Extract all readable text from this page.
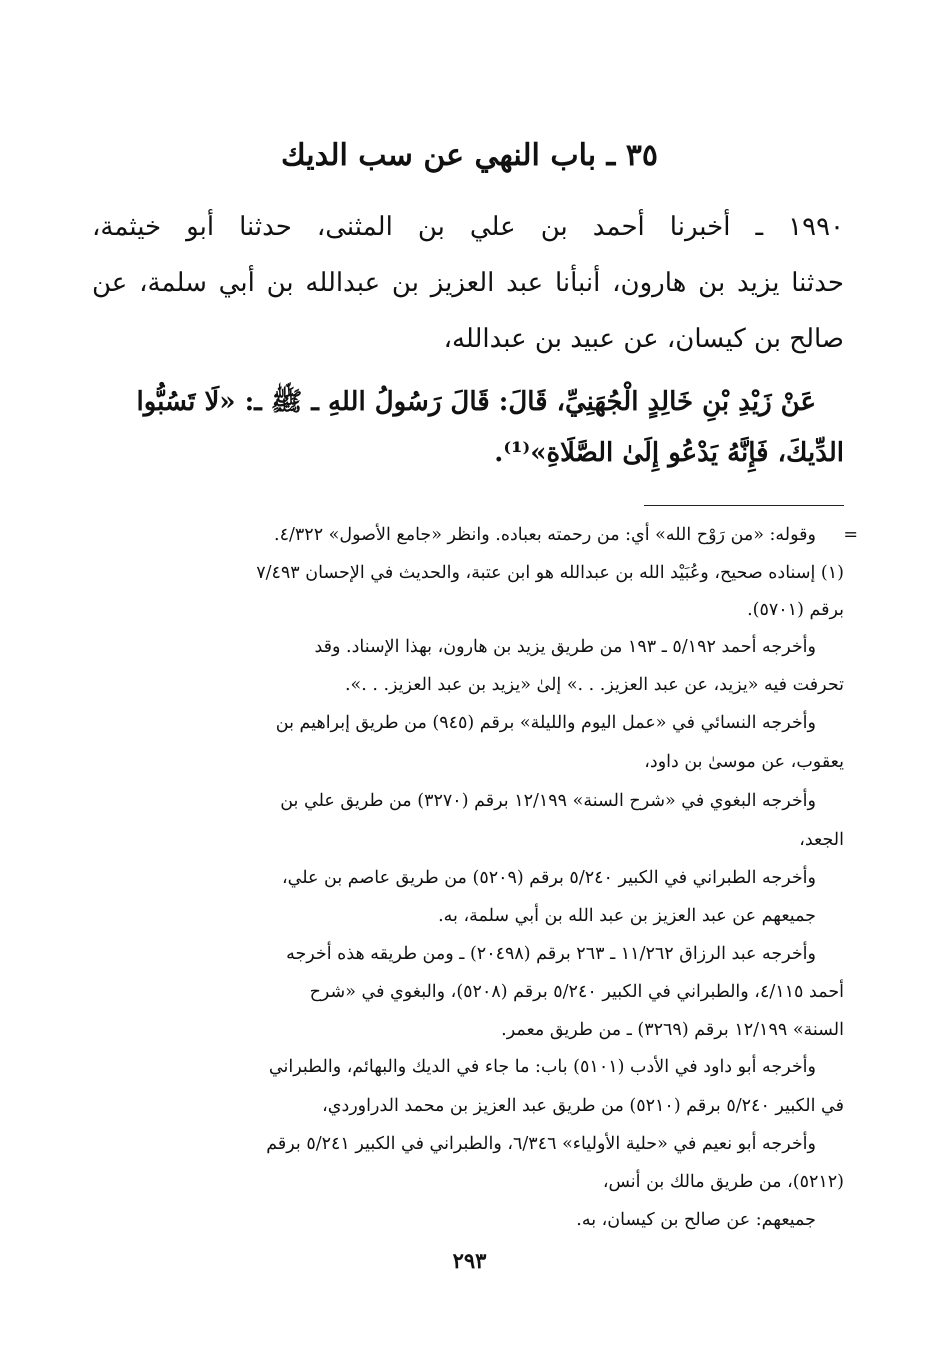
٣٥ ـ باب النهي عن سب الديك
١٩٩٠ ـ أخبرنا أحمد بن علي بن المثنى، حدثنا أبو خيثمة،
حدثنا يزيد بن هارون، أنبأنا عبد العزيز بن عبدالله بن أبي سلمة، عن
صالح بن كيسان، عن عبيد بن عبدالله،
عَنْ زَيْدِ بْنِ خَالِدٍ الْجُهَنِيِّ، قَالَ: قَالَ رَسُولُ اللهِ ـ ﷺ ـ: «لَا تَسُبُّوا
الدِّيكَ، فَإِنَّهُ يَدْعُو إِلَىٰ الصَّلَاةِ»⁽¹⁾.
=
وقوله: «من رَوْح الله» أي: من رحمته بعباده. وانظر «جامع الأصول» ٤/٣٢٢.
(١) إسناده صحيح، وعُبَيْد الله بن عبدالله هو ابن عتبة، والحديث في الإحسان ٧/٤٩٣
برقم (٥٧٠١).
وأخرجه أحمد ٥/١٩٢ ـ ١٩٣ من طريق يزيد بن هارون، بهذا الإسناد. وقد
تحرفت فيه «يزيد، عن عبد العزيز. . .» إلىٰ «يزيد بن عبد العزيز. . .».
وأخرجه النسائي في «عمل اليوم والليلة» برقم (٩٤٥) من طريق إبراهيم بن
يعقوب، عن موسىٰ بن داود،
وأخرجه البغوي في «شرح السنة» ١٢/١٩٩ برقم (٣٢٧٠) من طريق علي بن
الجعد،
وأخرجه الطبراني في الكبير ٥/٢٤٠ برقم (٥٢٠٩) من طريق عاصم بن علي،
جميعهم عن عبد العزيز بن عبد الله بن أبي سلمة، به.
وأخرجه عبد الرزاق ١١/٢٦٢ ـ ٢٦٣ برقم (٢٠٤٩٨) ـ ومن طريقه هذه أخرجه
أحمد ٤/١١٥، والطبراني في الكبير ٥/٢٤٠ برقم (٥٢٠٨)، والبغوي في «شرح
السنة» ١٢/١٩٩ برقم (٣٢٦٩) ـ من طريق معمر.
وأخرجه أبو داود في الأدب (٥١٠١) باب: ما جاء في الديك والبهائم، والطبراني
في الكبير ٥/٢٤٠ برقم (٥٢١٠) من طريق عبد العزيز بن محمد الدراوردي،
وأخرجه أبو نعيم في «حلية الأولياء» ٦/٣٤٦، والطبراني في الكبير ٥/٢٤١ برقم
(٥٢١٢)، من طريق مالك بن أنس،
جميعهم: عن صالح بن كيسان، به.
٢٩٣
